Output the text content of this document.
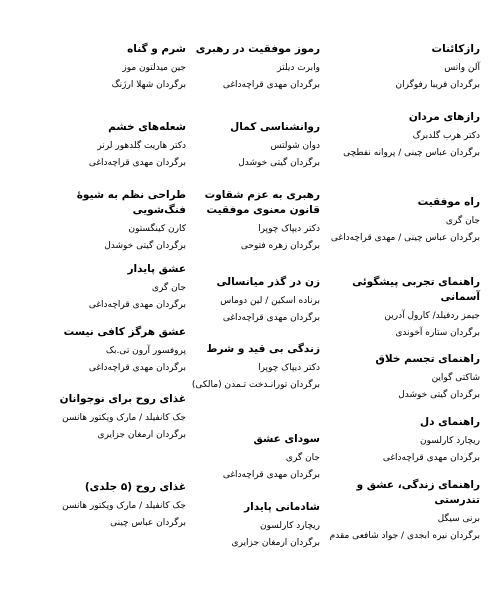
رازکائنات
آلن واتس
برگردان فریبا رفوگران
رازهای مردان
دکتر هرب گلدبرگ
برگردان عباس چینی / پروانه نفطچی
راه موفقیت
جان گری
برگردان عباس چینی / مهدی قراچه‌داغی
راهنمای تجربی پیشگوئی آسمانی
جیمز ردفیلد/ کارول آدرین
برگردان ستاره آخوندی
راهنمای تجسم خلاق
شاکتی گواین
برگردان گیتی خوشدل
راهنمای دل
ریچارد کارلسون
برگردان مهدی قراچه‌داغی
راهنمای زندگی، عشق و تندرستی
برنی سیگل
برگردان نیره ابجدی / جواد شافعی مقدم
رموز موفقیت در رهبری
وابرت دیلتز
برگردان مهدی قراچه‌داغی
روانشناسی کمال
دوان شولتس
برگردان گیتی خوشدل
رهبری به عزم شقاوت قانون معنوی موفقیت
دکتر دیپاک چوپرا
برگردان زهره فتوحی
زن در گذر میانسالی
برناده اسکین / لین دوماس
برگردان مهدی قراچه‌داغی
زندگی بی قید و شرط
دکتر دیپاک چوپرا
برگردان تورانـدخت تـمدن (مالکی)
سودای عشق
جان گری
برگردان مهدی قراچه‌داغی
شادمانی پایدار
ریچارد کارلسون
برگردان ارمغان جزایری
شرم و گناه
جین میدلتون موز
برگردان شهلا ارژنگ
شعله‌های خشم
دکتر هاریت گلدهور لرنر
برگردان مهدی قراچه‌داغی
طراحی نظم به شیوهٔ فنگ‌شویی
کارن کینگستون
برگردان گیتی خوشدل
عشق پایدار
جان گری
برگردان مهدی قراچه‌داغی
عشق هرگز کافی نیست
پروفسور آرون تی.بک
برگردان مهدی قراچه‌داغی
غذای روح برای نوجوانان
جک کانفیلد / مارک ویکتور هانسن
برگردان ارمغان جزایری
غذای روح (۵ جلدی)
جک کانفیلد / مارک ویکتور هانسن
برگردان عباس چینی
